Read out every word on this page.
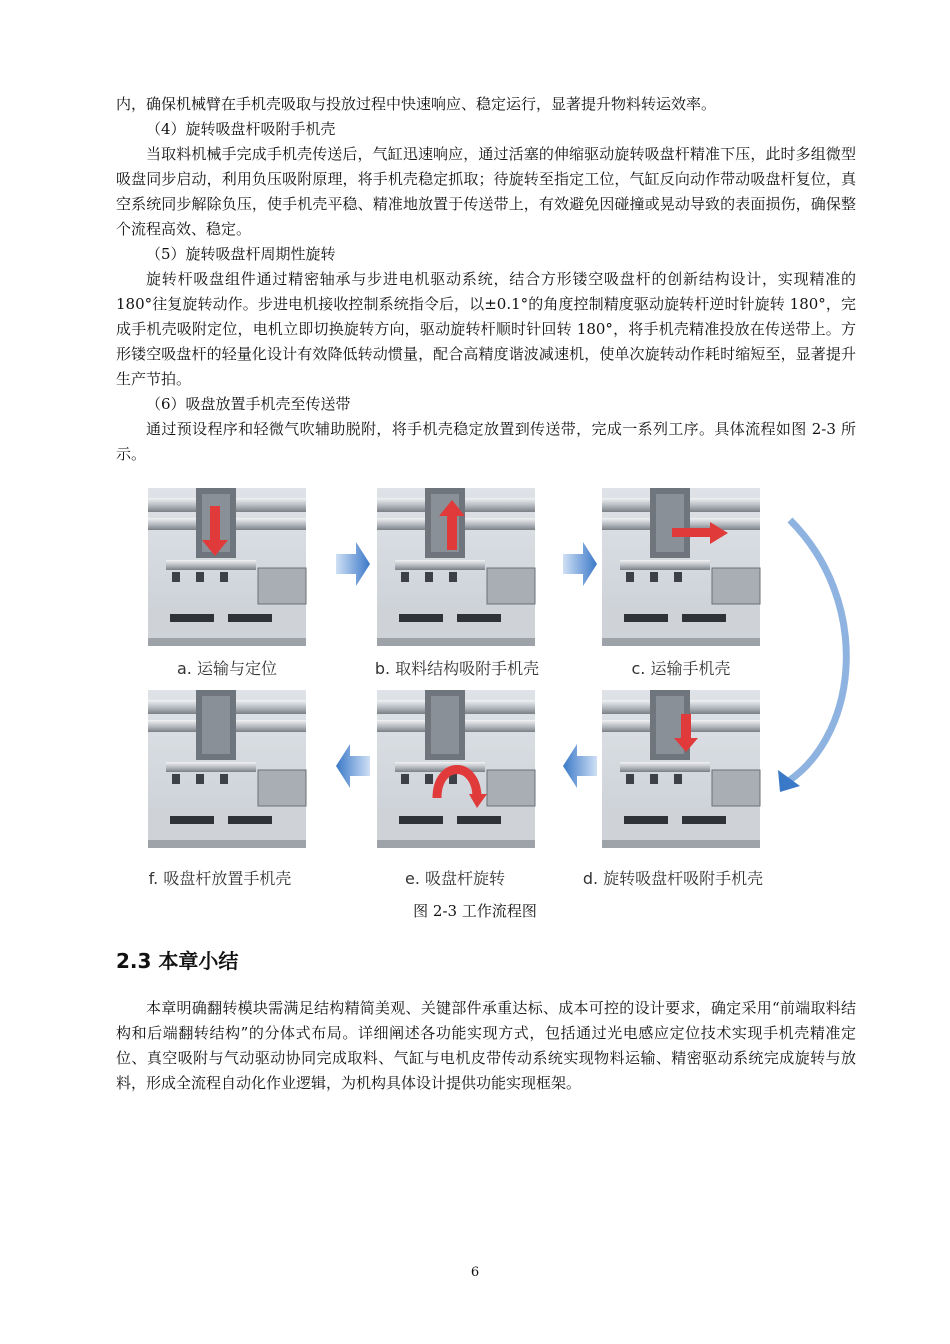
内，确保机械臂在手机壳吸取与投放过程中快速响应、稳定运行，显著提升物料转运效率。

（4）旋转吸盘杆吸附手机壳

当取料机械手完成手机壳传送后，气缸迅速响应，通过活塞的伸缩驱动旋转吸盘杆精准下压，此时多组微型吸盘同步启动，利用负压吸附原理，将手机壳稳定抓取；待旋转至指定工位，气缸反向动作带动吸盘杆复位，真空系统同步解除负压，使手机壳平稳、精准地放置于传送带上，有效避免因碰撞或晃动导致的表面损伤，确保整个流程高效、稳定。

（5）旋转吸盘杆周期性旋转

旋转杆吸盘组件通过精密轴承与步进电机驱动系统，结合方形镂空吸盘杆的创新结构设计，实现精准的 180°往复旋转动作。步进电机接收控制系统指令后，以±0.1°的角度控制精度驱动旋转杆逆时针旋转 180°，完成手机壳吸附定位，电机立即切换旋转方向，驱动旋转杆顺时针回转 180°，将手机壳精准投放在传送带上。方形镂空吸盘杆的轻量化设计有效降低转动惯量，配合高精度谐波减速机，使单次旋转动作耗时缩短至，显著提升生产节拍。

（6）吸盘放置手机壳至传送带

通过预设程序和轻微气吹辅助脱附，将手机壳稳定放置到传送带，完成一系列工序。具体流程如图 2-3 所示。

a. 运输与定位	b. 取料结构吸附手机壳	c. 运输手机壳
f. 吸盘杆放置手机壳	e. 吸盘杆旋转	d. 旋转吸盘杆吸附手机壳
图 2-3 工作流程图
2.3 本章小结

本章明确翻转模块需满足结构精简美观、关键部件承重达标、成本可控的设计要求，确定采用“前端取料结构和后端翻转结构”的分体式布局。详细阐述各功能实现方式，包括通过光电感应定位技术实现手机壳精准定位、真空吸附与气动驱动协同完成取料、气缸与电机皮带传动系统实现物料运输、精密驱动系统完成旋转与放料，形成全流程自动化作业逻辑，为机构具体设计提供功能实现框架。

6
